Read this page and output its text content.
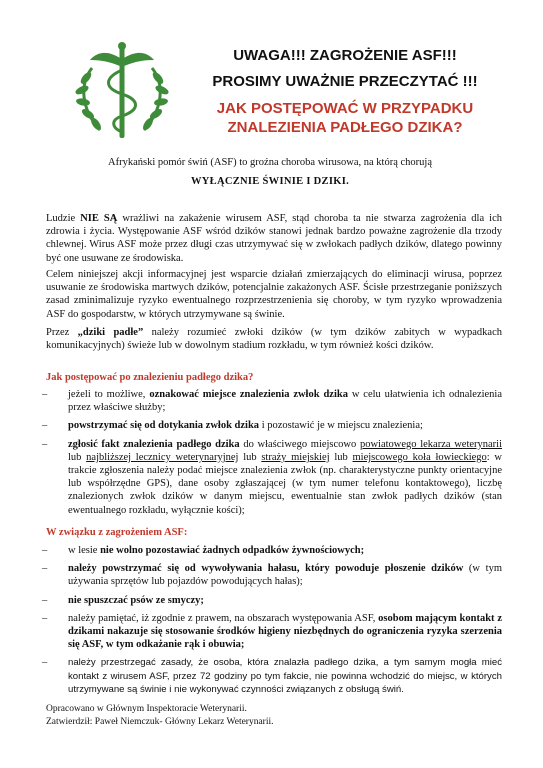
UWAGA!!! ZAGROŻENIE ASF!!!
PROSIMY UWAŻNIE PRZECZYTAĆ !!!
JAK POSTĘPOWAĆ W PRZYPADKU
ZNALEZIENIA PADŁEGO DZIKA?
Afrykański pomór świń (ASF) to groźna choroba wirusowa, na którą chorują
WYŁĄCZNIE ŚWINIE I DZIKI.
Ludzie NIE SĄ wrażliwi na zakażenie wirusem ASF, stąd choroba ta nie stwarza zagrożenia dla ich zdrowia i życia. Występowanie ASF wśród dzików stanowi jednak bardzo poważne zagrożenie dla trzody chlewnej. Wirus ASF może przez długi czas utrzymywać się w zwłokach padłych dzików, dlatego powinny być one usuwane ze środowiska.
Celem niniejszej akcji informacyjnej jest wsparcie działań zmierzających do eliminacji wirusa, poprzez usuwanie ze środowiska martwych dzików, potencjalnie zakażonych ASF. Ścisłe przestrzeganie poniższych zasad zminimalizuje ryzyko ewentualnego rozprzestrzenienia się choroby, w tym ryzyko wprowadzenia ASF do gospodarstw, w których utrzymywane są świnie.
Przez „dziki padłe” należy rozumieć zwłoki dzików (w tym dzików zabitych w wypadkach komunikacyjnych) świeże lub w dowolnym stadium rozkładu, w tym również kości dzików.
Jak postępować po znalezieniu padłego dzika?
–	jeżeli to możliwe, oznakować miejsce znalezienia zwłok dzika w celu ułatwienia ich odnalezienia przez właściwe służby;
–	powstrzymać się od dotykania zwłok dzika i pozostawić je w miejscu znalezienia;
–	zgłosić fakt znalezienia padłego dzika do właściwego miejscowo powiatowego lekarza weterynarii lub najbliższej lecznicy weterynaryjnej lub straży miejskiej lub miejscowego koła łowieckiego: w trakcie zgłoszenia należy podać miejsce znalezienia zwłok (np. charakterystyczne punkty orientacyjne lub współrzędne GPS), dane osoby zgłaszającej (w tym numer telefonu kontaktowego), liczbę znalezionych zwłok dzików w danym miejscu, ewentualnie stan zwłok padłych dzików (stan ewentualnego rozkładu, wyłącznie kości);
W związku z zagrożeniem ASF:
–	w lesie nie wolno pozostawiać żadnych odpadków żywnościowych;
–	należy powstrzymać się od wywoływania hałasu, który powoduje płoszenie dzików (w tym używania sprzętów lub pojazdów powodujących hałas);
–	nie spuszczać psów ze smyczy;
–	należy pamiętać, iż zgodnie z prawem, na obszarach występowania ASF, osobom mającym kontakt z dzikami nakazuje się stosowanie środków higieny niezbędnych do ograniczenia ryzyka szerzenia się ASF, w tym odkażanie rąk i obuwia;
–	należy przestrzegać zasady, że osoba, która znalazła padłego dzika, a tym samym mogła mieć kontakt z wirusem ASF, przez 72 godziny po tym fakcie, nie powinna wchodzić do miejsc, w których utrzymywane są świnie i nie wykonywać czynności związanych z obsługą świń.
Opracowano w Głównym Inspektoracie Weterynarii.
Zatwierdził: Paweł Niemczuk- Główny Lekarz Weterynarii.
